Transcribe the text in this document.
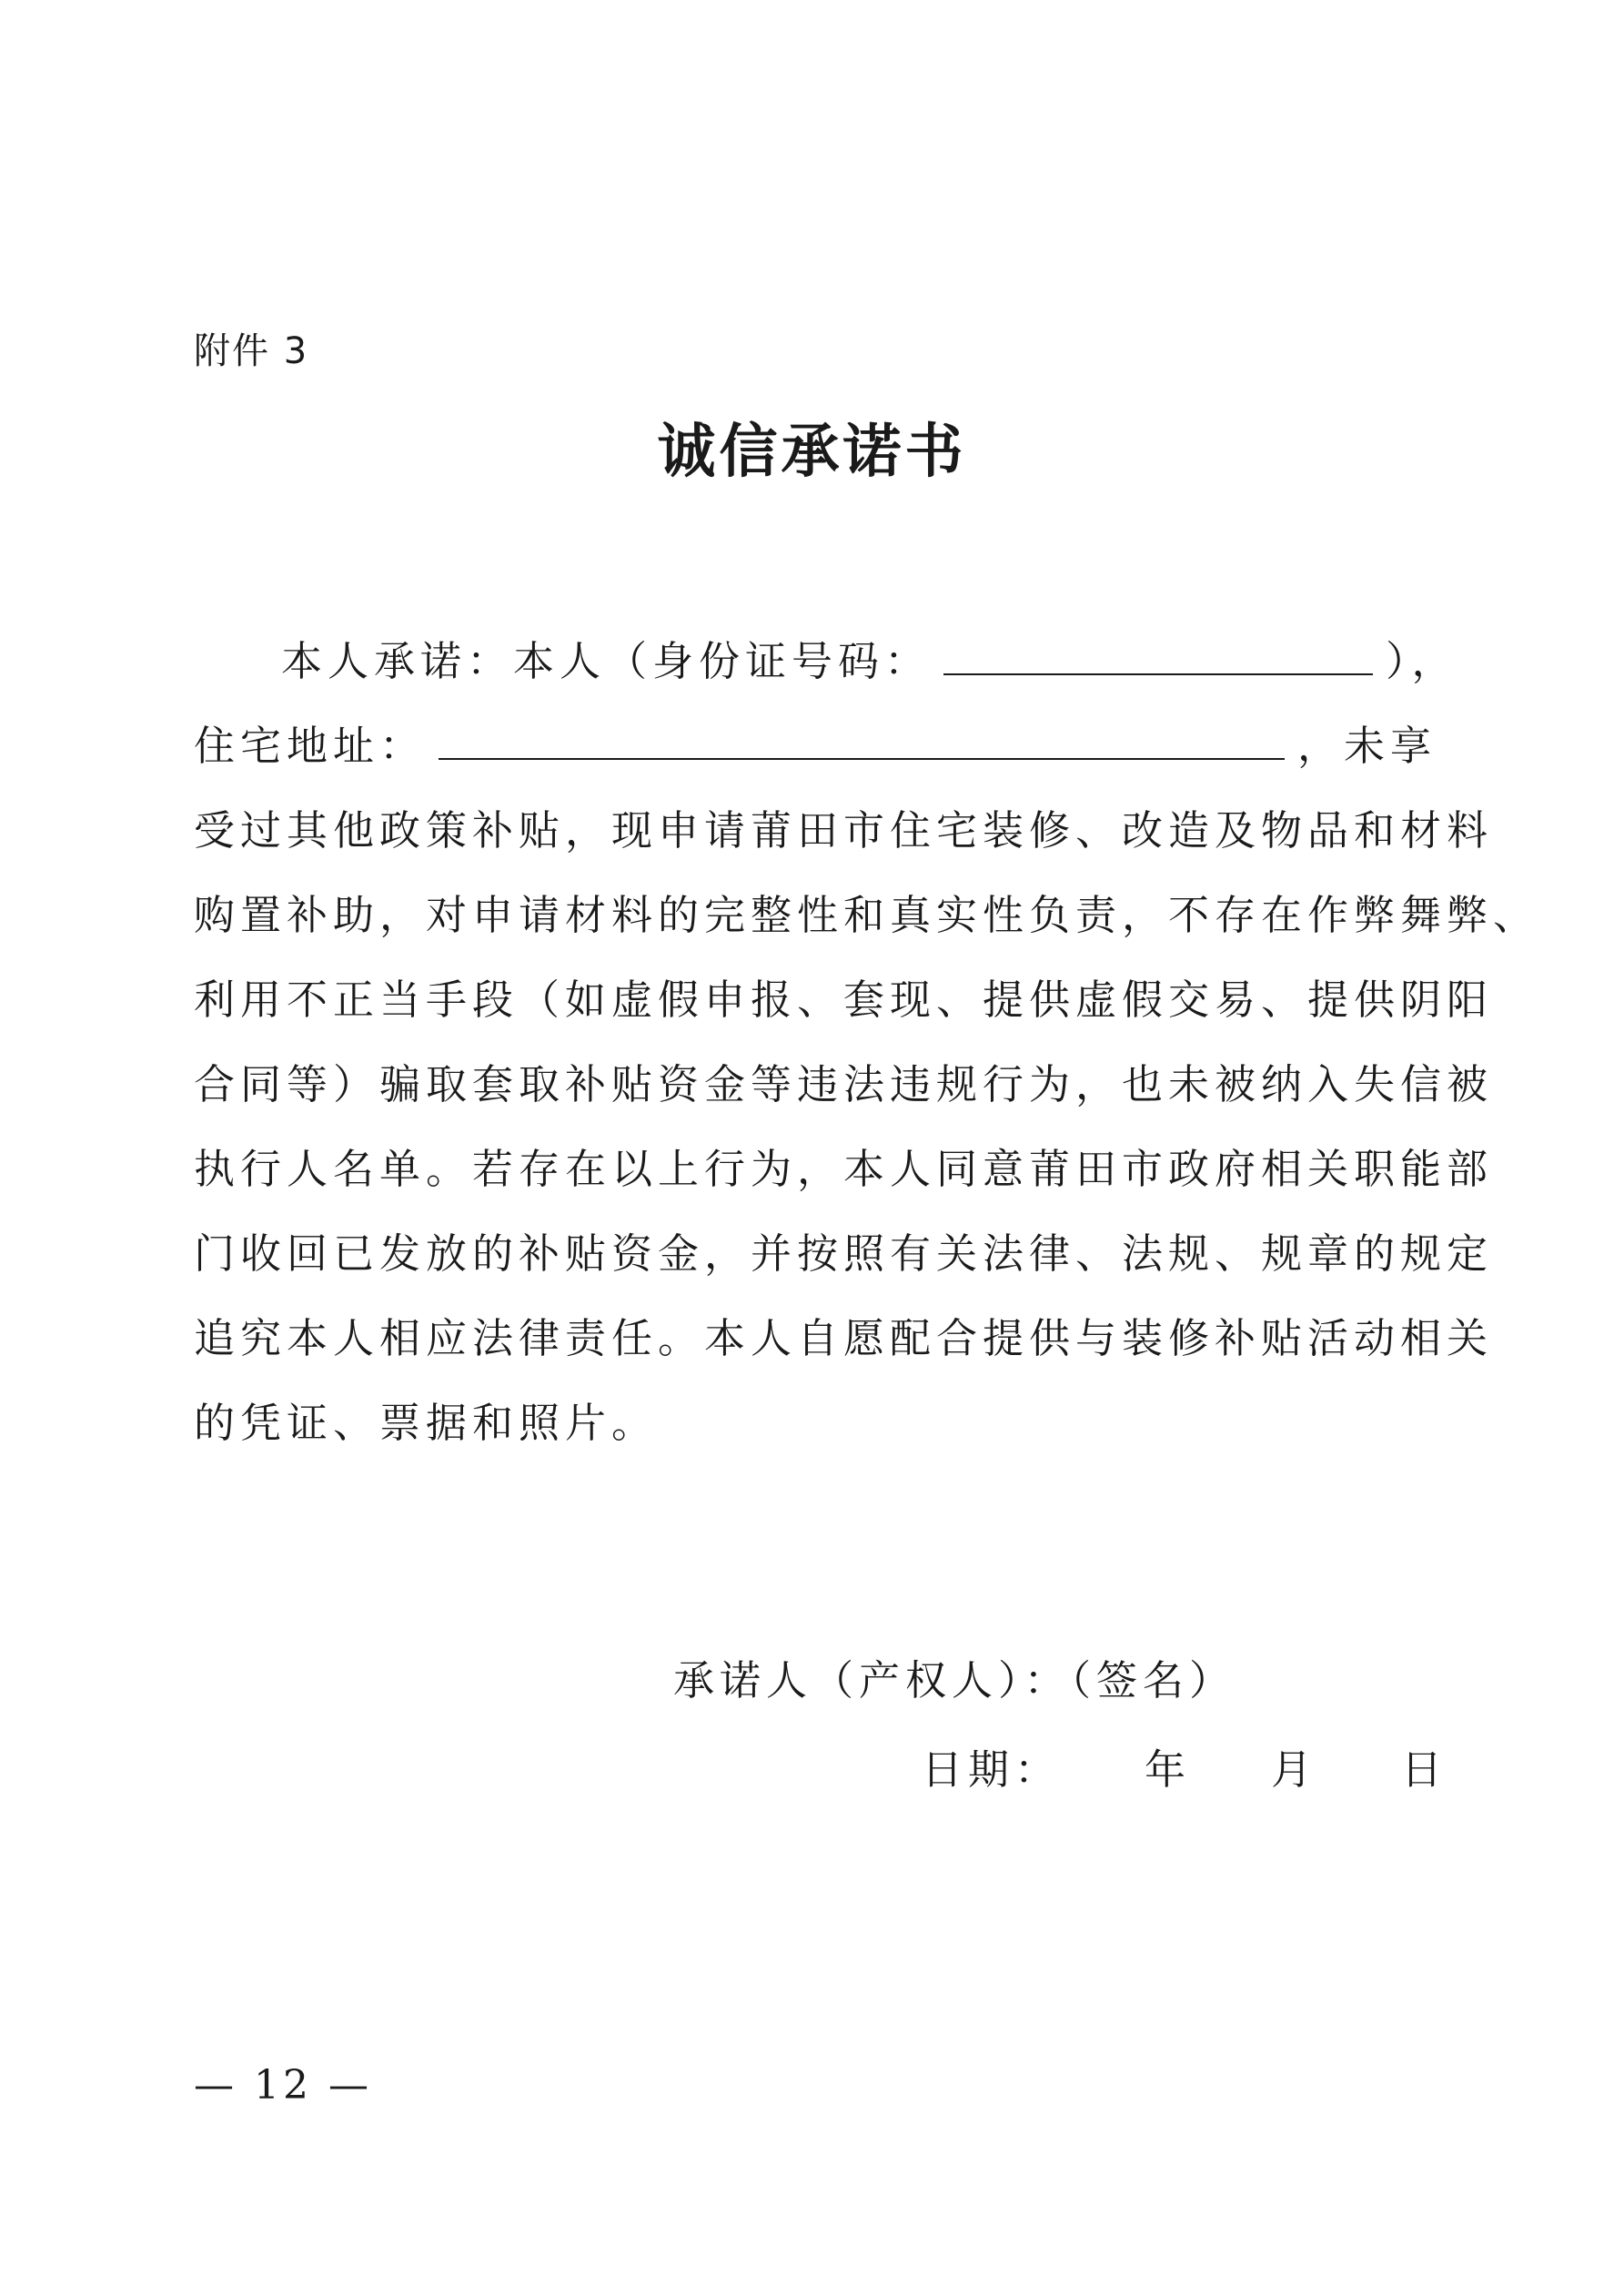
附件 3
诚信承诺书
本人承诺：本人（身份证号码：	），
住宅地址：	，未享
受过其他政策补贴，现申请莆田市住宅装修、改造及物品和材料
购置补助，对申请材料的完整性和真实性负责，不存在作弊舞弊、
利用不正当手段（如虚假申报、套现、提供虚假交易、提供阴阳
合同等）骗取套取补贴资金等违法违规行为，也未被纳入失信被
执行人名单。若存在以上行为，本人同意莆田市政府相关职能部
门收回已发放的补贴资金，并按照有关法律、法规、规章的规定
追究本人相应法律责任。本人自愿配合提供与装修补贴活动相关
的凭证、票据和照片。
承诺人（产权人）：（签名）
日期： 年 月 日
— 12 —
